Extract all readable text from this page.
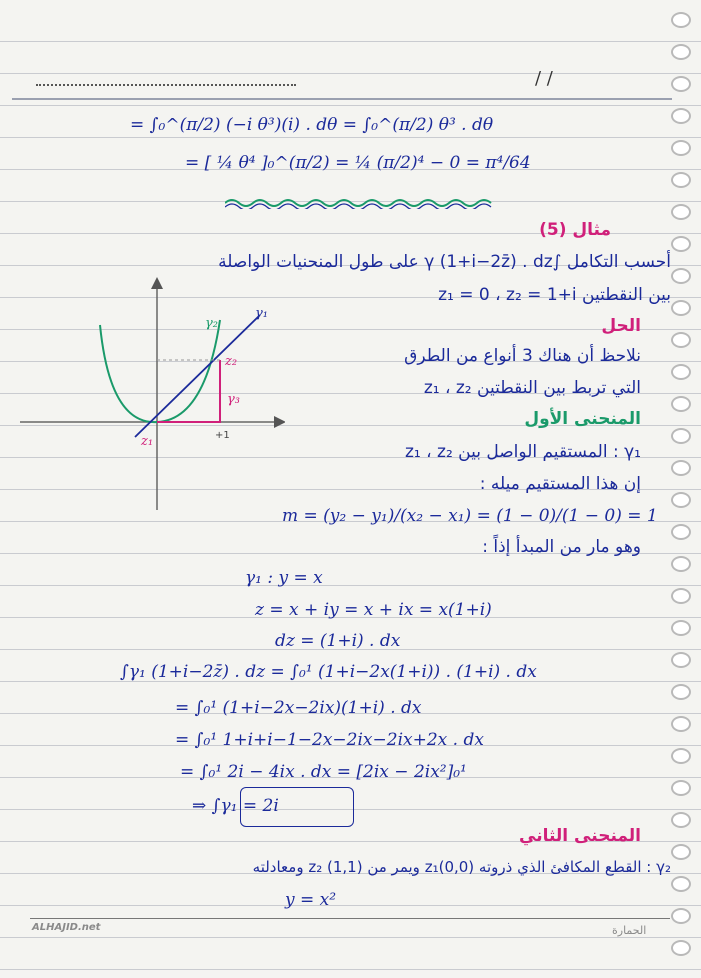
/ /
= ∫₀^(π/2) (−i θ³)(i) . dθ = ∫₀^(π/2) θ³ . dθ
= [ ¼ θ⁴ ]₀^(π/2) = ¼ (π/2)⁴ − 0 = π⁴/64
مثال (5)
أحسب التكامل ∫γ (1+i−2z̄) . dz على طول المنحنيات الواصلة
بين النقطتين z₁ = 0 ، z₂ = 1+i
الحل
نلاحظ أن هناك 3 أنواع من الطرق
التي تربط بين النقطتين z₁ ، z₂
المنحنى الأول
γ₁ : المستقيم الواصل بين z₁ ، z₂
إن هذا المستقيم ميله :
m = (y₂ − y₁)/(x₂ − x₁) = (1 − 0)/(1 − 0) = 1
وهو مار من المبدأ إذاً :
γ₁ : y = x
z = x + iy = x + ix = x(1+i)
dz = (1+i) . dx
∫γ₁ (1+i−2z̄) . dz = ∫₀¹ (1+i−2x(1+i)) . (1+i) . dx
= ∫₀¹ (1+i−2x−2ix)(1+i) . dx
= ∫₀¹ 1+i+i−1−2x−2ix−2ix+2x . dx
= ∫₀¹ 2i − 4ix . dx = [2ix − 2ix²]₀¹
⇒ ∫γ₁ = 2i
المنحنى الثاني
γ₂ : القطع المكافئ الذي ذروته z₁(0,0) ويمر من (1,1) z₂ ومعادلته
y = x²
γ₁
γ₂
γ₃
z₁
z₂
+1
ALHAJID.net	الحمارة
